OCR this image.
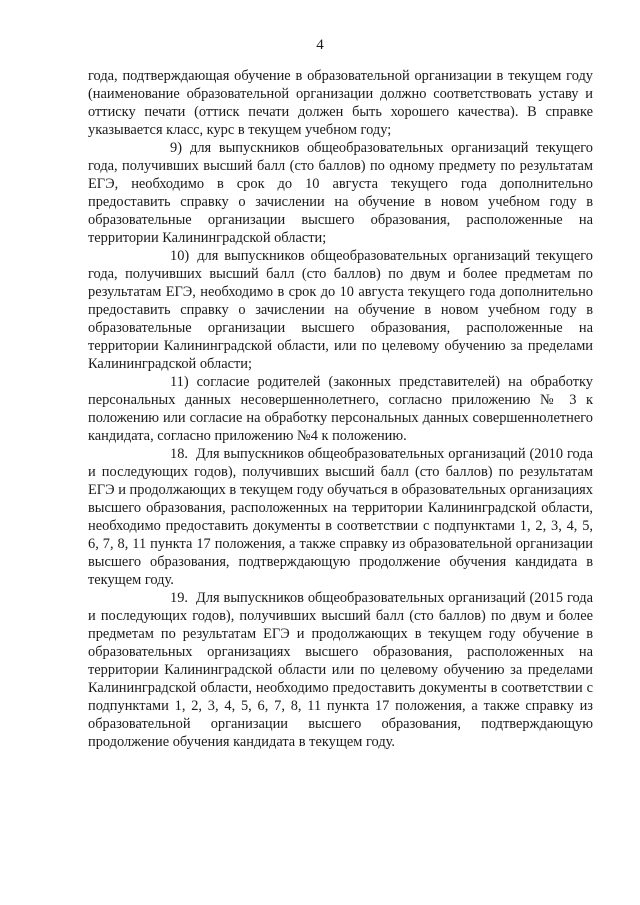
4

года, подтверждающая обучение в образовательной организации в текущем году (наименование образовательной организации должно соответствовать уставу и оттиску печати (оттиск печати должен быть хорошего качества). В справке указывается класс, курс в текущем учебном году;

9) для выпускников общеобразовательных организаций текущего года, получивших высший балл (сто баллов) по одному предмету по результатам ЕГЭ, необходимо в срок до 10 августа текущего года дополнительно предоставить справку о зачислении на обучение в новом учебном году в образовательные организации высшего образования, расположенные на территории Калининградской области;

10) для выпускников общеобразовательных организаций текущего года, получивших высший балл (сто баллов) по двум и более предметам по результатам ЕГЭ, необходимо в срок до 10 августа текущего года дополнительно предоставить справку о зачислении на обучение в новом учебном году в образовательные организации высшего образования, расположенные на территории Калининградской области, или по целевому обучению за пределами Калининградской области;

11) согласие родителей (законных представителей) на обработку персональных данных несовершеннолетнего, согласно приложению № 3 к положению или согласие на обработку персональных данных совершеннолетнего кандидата, согласно приложению №4 к положению.

18. Для выпускников общеобразовательных организаций (2010 года и последующих годов), получивших высший балл (сто баллов) по результатам ЕГЭ и продолжающих в текущем году обучаться в образовательных организациях высшего образования, расположенных на территории Калининградской области, необходимо предоставить документы в соответствии с подпунктами 1, 2, 3, 4, 5, 6, 7, 8, 11 пункта 17 положения, а также справку из образовательной организации высшего образования, подтверждающую продолжение обучения кандидата в текущем году.

19. Для выпускников общеобразовательных организаций (2015 года и последующих годов), получивших высший балл (сто баллов) по двум и более предметам по результатам ЕГЭ и продолжающих в текущем году обучение в образовательных организациях высшего образования, расположенных на территории Калининградской области или по целевому обучению за пределами Калининградской области, необходимо предоставить документы в соответствии с подпунктами 1, 2, 3, 4, 5, 6, 7, 8, 11 пункта 17 положения, а также справку из образовательной организации высшего образования, подтверждающую продолжение обучения кандидата в текущем году.
